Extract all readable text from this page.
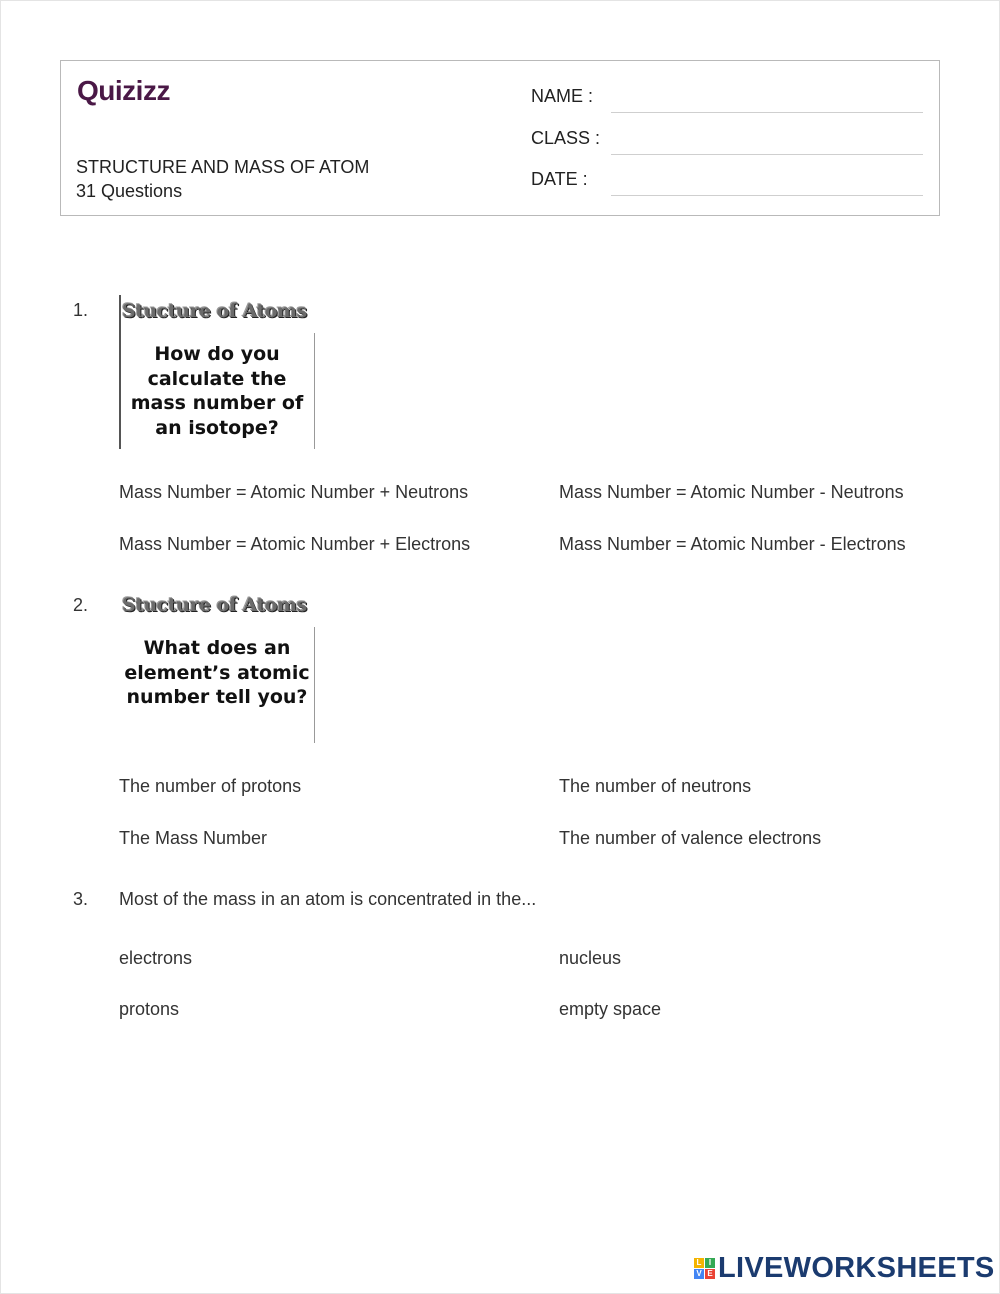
Quizizz
STRUCTURE AND MASS OF ATOM
31 Questions
NAME :
CLASS :
DATE :
1. Stucture of Atoms
How do you calculate the mass number of an isotope?
Mass Number = Atomic Number + Neutrons	Mass Number = Atomic Number - Neutrons
Mass Number = Atomic Number + Electrons	Mass Number = Atomic Number - Electrons
2. Stucture of Atoms
What does an element’s atomic number tell you?
The number of protons	The number of neutrons
The Mass Number	The number of valence electrons
3. Most of the mass in an atom is concentrated in the...
electrons	nucleus
protons	empty space
L I
V E LIVEWORKSHEETS
